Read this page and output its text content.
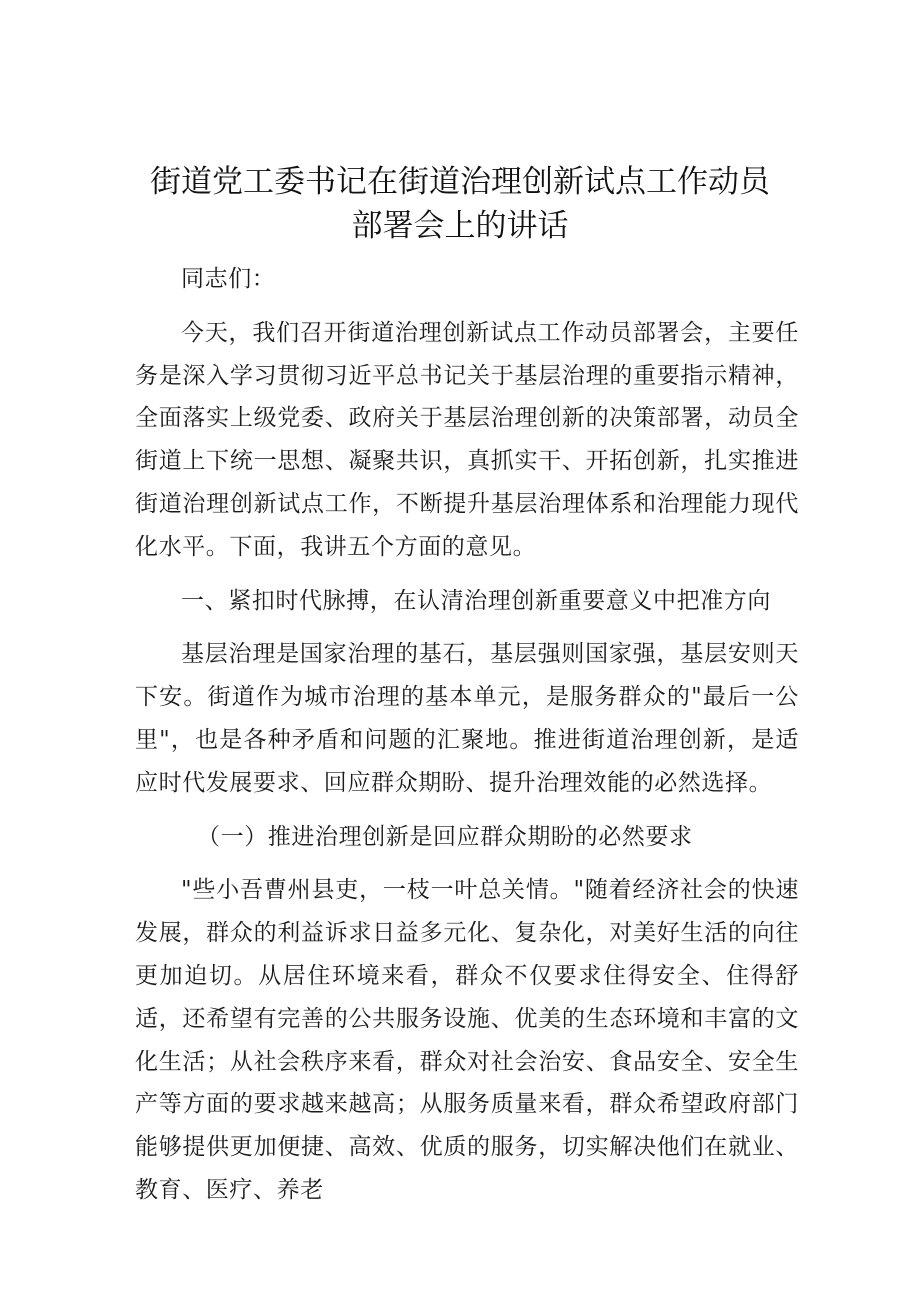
街道党工委书记在街道治理创新试点工作动员
部署会上的讲话

同志们：

今天，我们召开街道治理创新试点工作动员部署会，主要任务是深入学习贯彻习近平总书记关于基层治理的重要指示精神，全面落实上级党委、政府关于基层治理创新的决策部署，动员全街道上下统一思想、凝聚共识，真抓实干、开拓创新，扎实推进街道治理创新试点工作，不断提升基层治理体系和治理能力现代化水平。下面，我讲五个方面的意见。

一、紧扣时代脉搏，在认清治理创新重要意义中把准方向

基层治理是国家治理的基石，基层强则国家强，基层安则天下安。街道作为城市治理的基本单元，是服务群众的"最后一公里"，也是各种矛盾和问题的汇聚地。推进街道治理创新，是适应时代发展要求、回应群众期盼、提升治理效能的必然选择。

（一）推进治理创新是回应群众期盼的必然要求

"些小吾曹州县吏，一枝一叶总关情。"随着经济社会的快速发展，群众的利益诉求日益多元化、复杂化，对美好生活的向往更加迫切。从居住环境来看，群众不仅要求住得安全、住得舒适，还希望有完善的公共服务设施、优美的生态环境和丰富的文化生活；从社会秩序来看，群众对社会治安、食品安全、安全生产等方面的要求越来越高；从服务质量来看，群众希望政府部门能够提供更加便捷、高效、优质的服务，切实解决他们在就业、教育、医疗、养老
